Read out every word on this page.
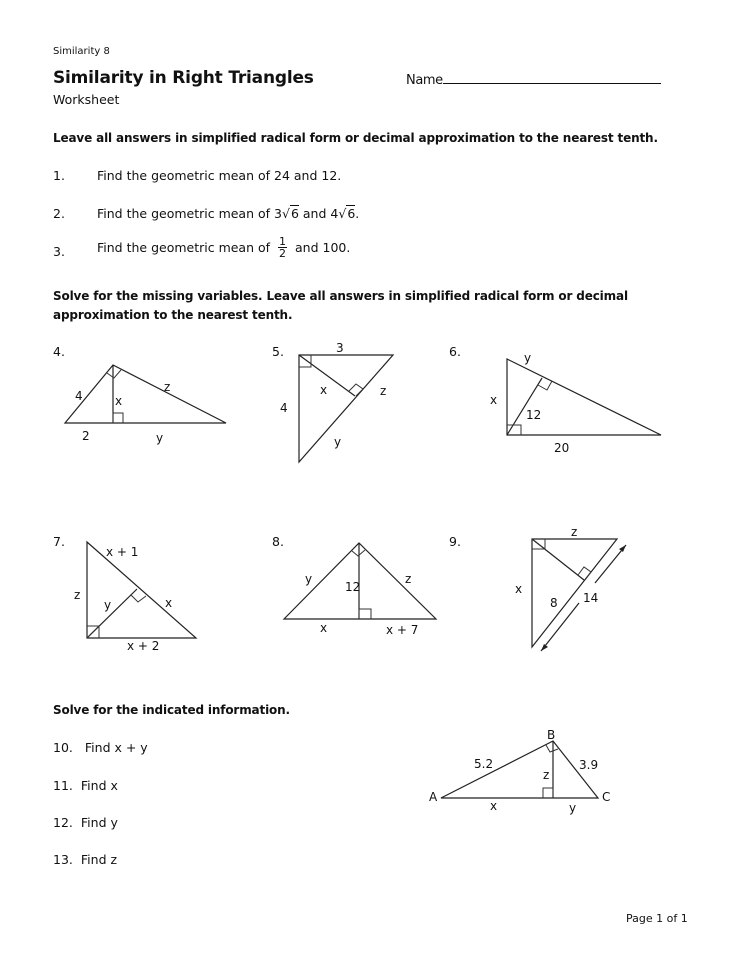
Similarity 8
Similarity in Right Triangles	Name
Worksheet
Leave all answers in simplified radical form or decimal approximation to the nearest tenth.
1.	Find the geometric mean of 24 and 12.
2.	Find the geometric mean of 3√6 and 4√6.
3.	Find the geometric mean of $\frac{1}{2}$ and 100.
Solve for the missing variables. Leave all answers in simplified radical form or decimal
approximation to the nearest tenth.
4.	5.	6.
7.	8.	9.
4	x
z
2	y
3
4
x	z
y
y
x
12
20
x + 1
z
y	x
x + 2
y
12
z
x	x + 7
z
x
8 14
Solve for the indicated information.
10. Find x + y
11. Find x
12. Find y
13. Find z
B
A	C
5.2	3.9
z
x	y
Page 1 of 1
